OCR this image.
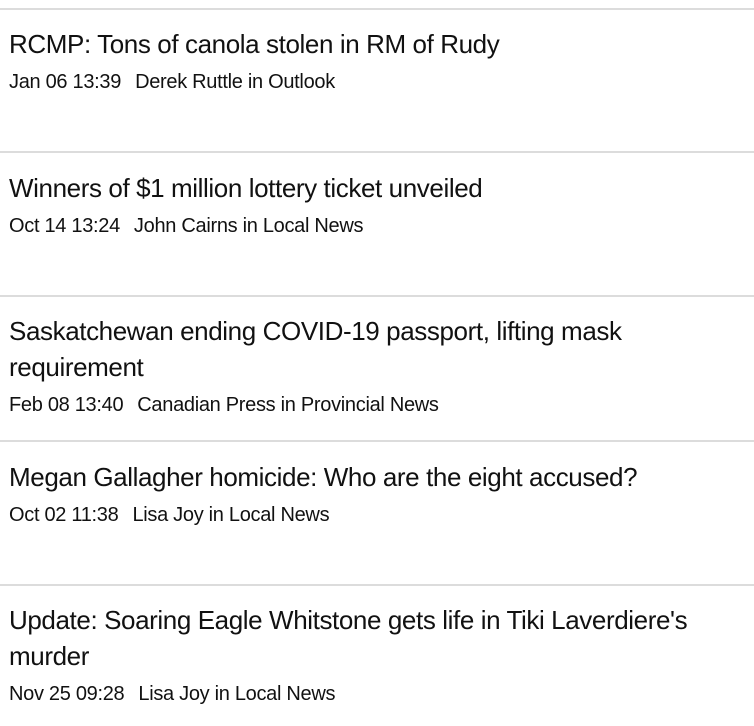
RCMP: Tons of canola stolen in RM of Rudy
Jan 06 13:39 Derek Ruttle in Outlook
Winners of $1 million lottery ticket unveiled
Oct 14 13:24 John Cairns in Local News
Saskatchewan ending COVID-19 passport, lifting mask requirement
Feb 08 13:40 Canadian Press in Provincial News
Megan Gallagher homicide: Who are the eight accused?
Oct 02 11:38 Lisa Joy in Local News
Update: Soaring Eagle Whitstone gets life in Tiki Laverdiere's murder
Nov 25 09:28 Lisa Joy in Local News
